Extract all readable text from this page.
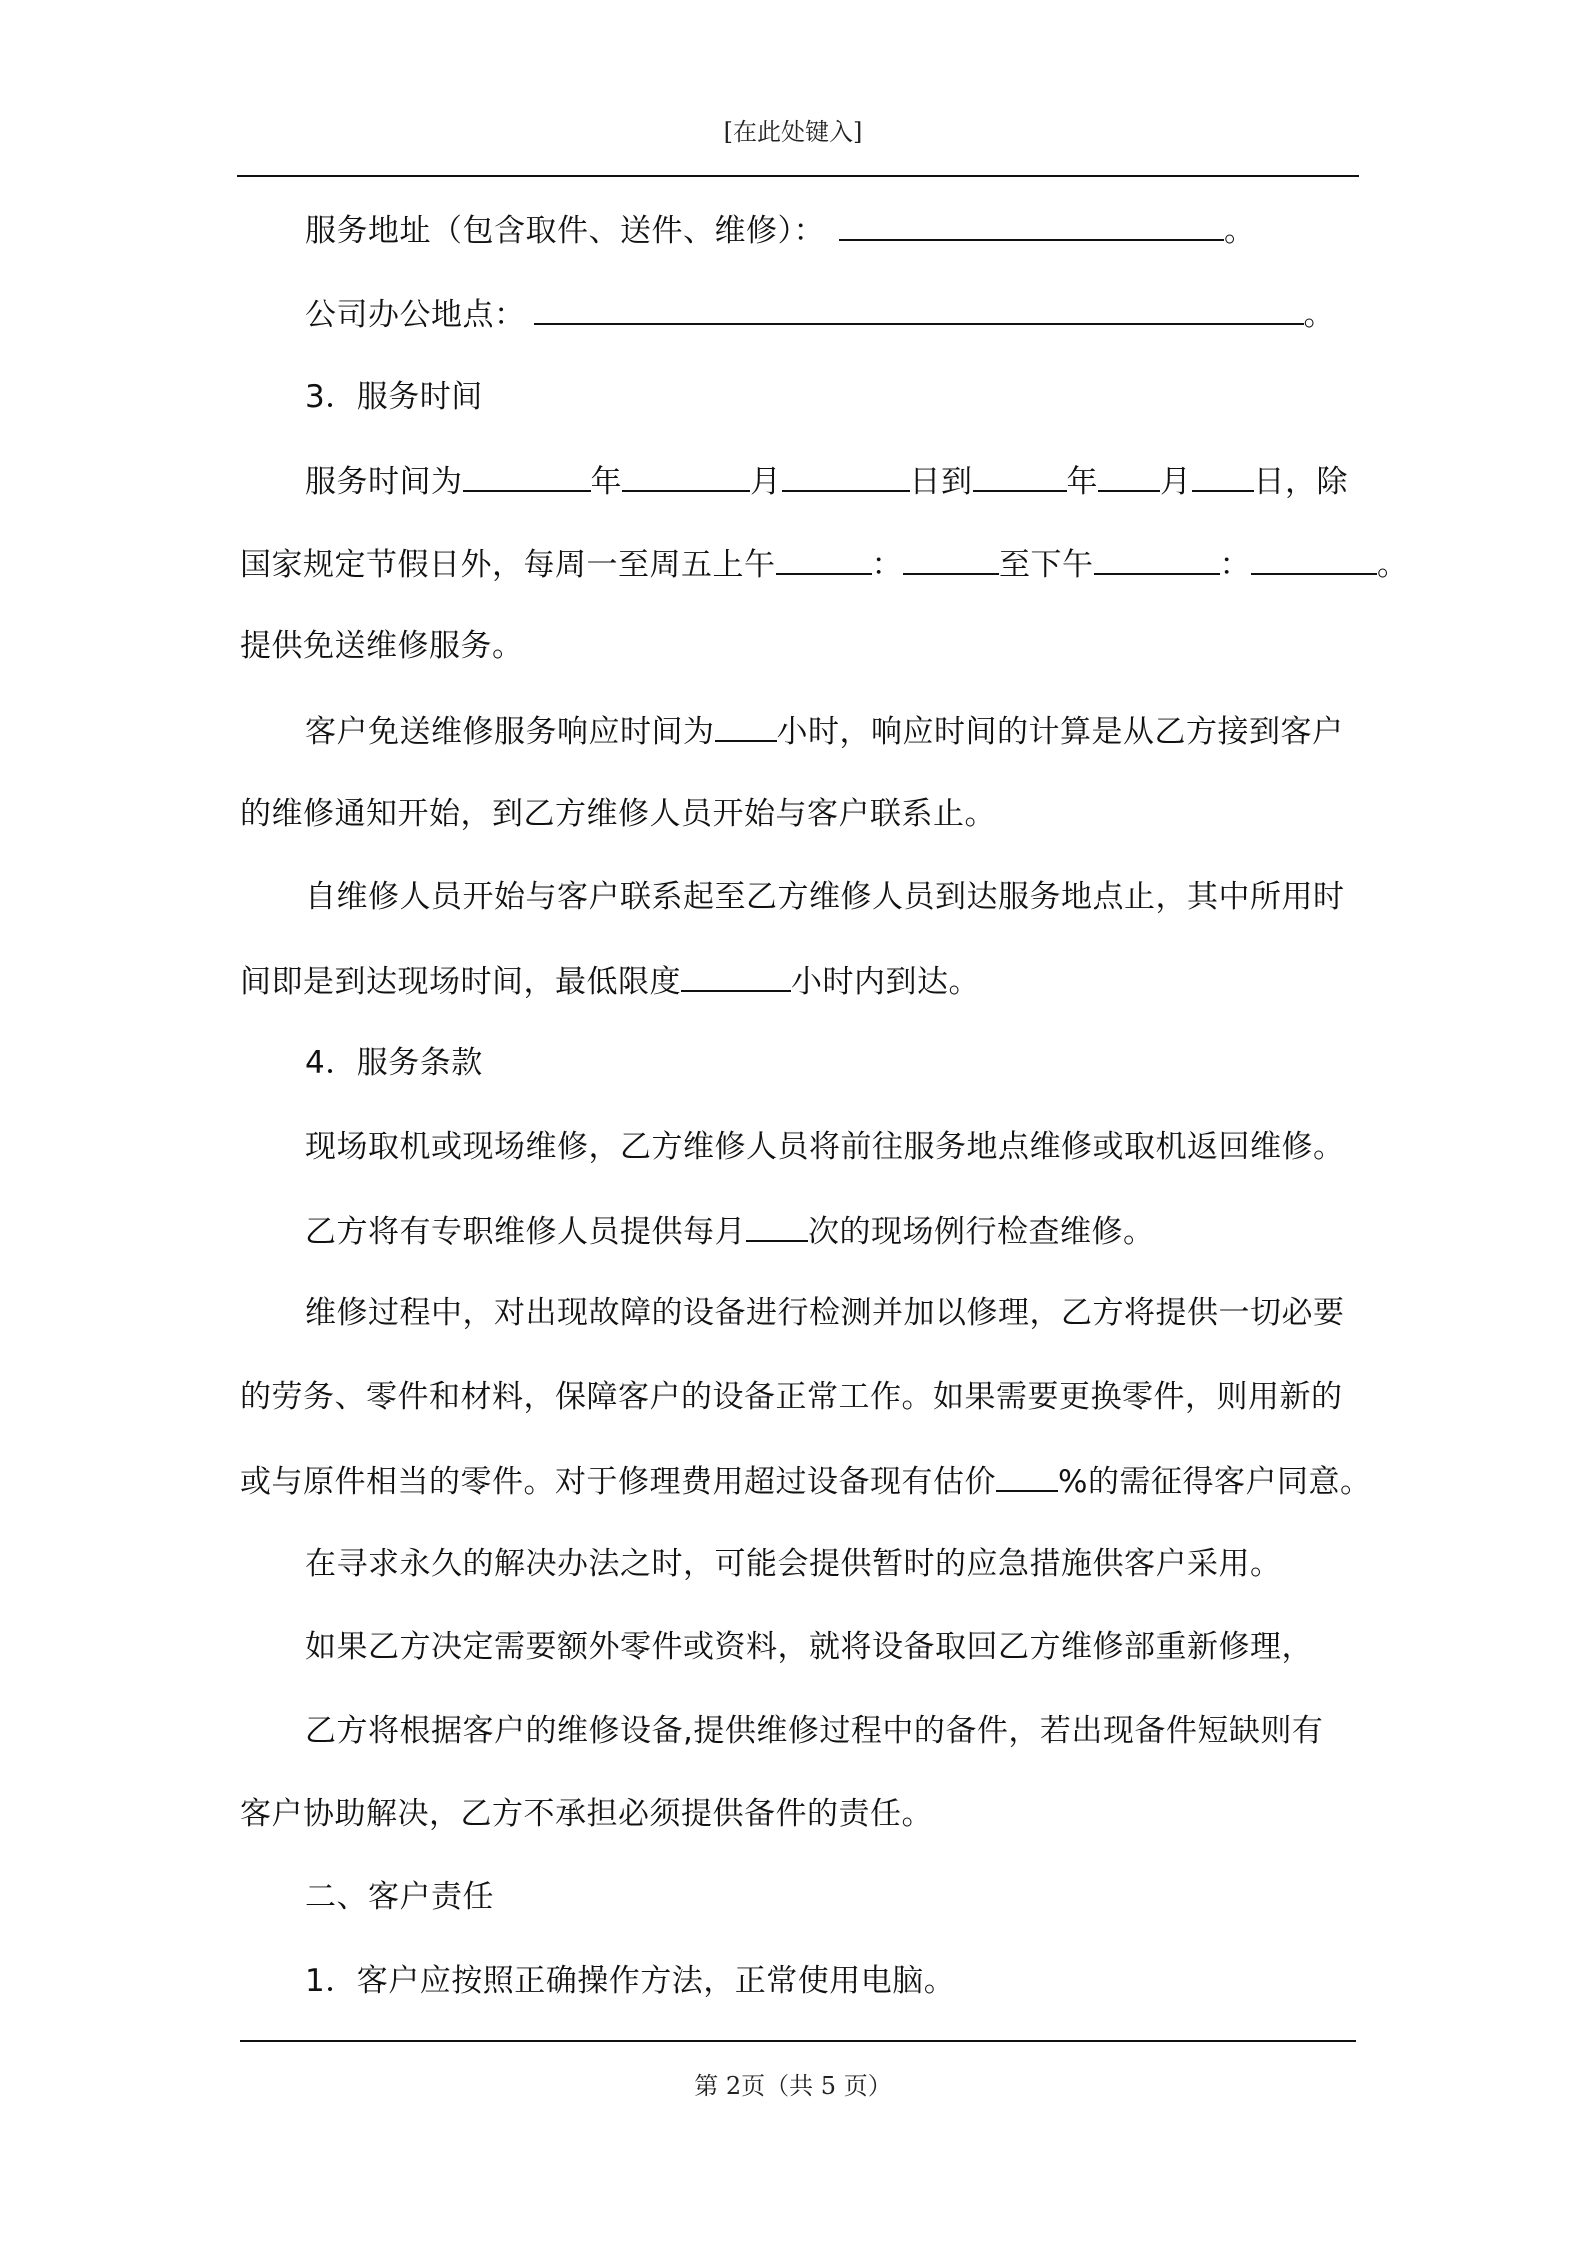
[在此处键入]
服务地址（包含取件、送件、维修）：	。
公司办公地点：	。
3．服务时间
服务时间为	年	月	日到	年 月 日，除
国家规定节假日外，每周一至周五上午	：	至下午	：	。
提供免送维修服务。
客户免送维修服务响应时间为 小时，响应时间的计算是从乙方接到客户
的维修通知开始，到乙方维修人员开始与客户联系止。
自维修人员开始与客户联系起至乙方维修人员到达服务地点止，其中所用时
间即是到达现场时间，最低限度	小时内到达。
4．服务条款
现场取机或现场维修，乙方维修人员将前往服务地点维修或取机返回维修。
乙方将有专职维修人员提供每月 次的现场例行检查维修。
维修过程中，对出现故障的设备进行检测并加以修理，乙方将提供一切必要
的劳务、零件和材料，保障客户的设备正常工作。如果需要更换零件，则用新的
或与原件相当的零件。对于修理费用超过设备现有估价 %的需征得客户同意。
在寻求永久的解决办法之时，可能会提供暂时的应急措施供客户采用。
如果乙方决定需要额外零件或资料，就将设备取回乙方维修部重新修理，
乙方将根据客户的维修设备,提供维修过程中的备件，若出现备件短缺则有
客户协助解决，乙方不承担必须提供备件的责任。
二、客户责任
1．客户应按照正确操作方法，正常使用电脑。
第 2页（共 5 页）
